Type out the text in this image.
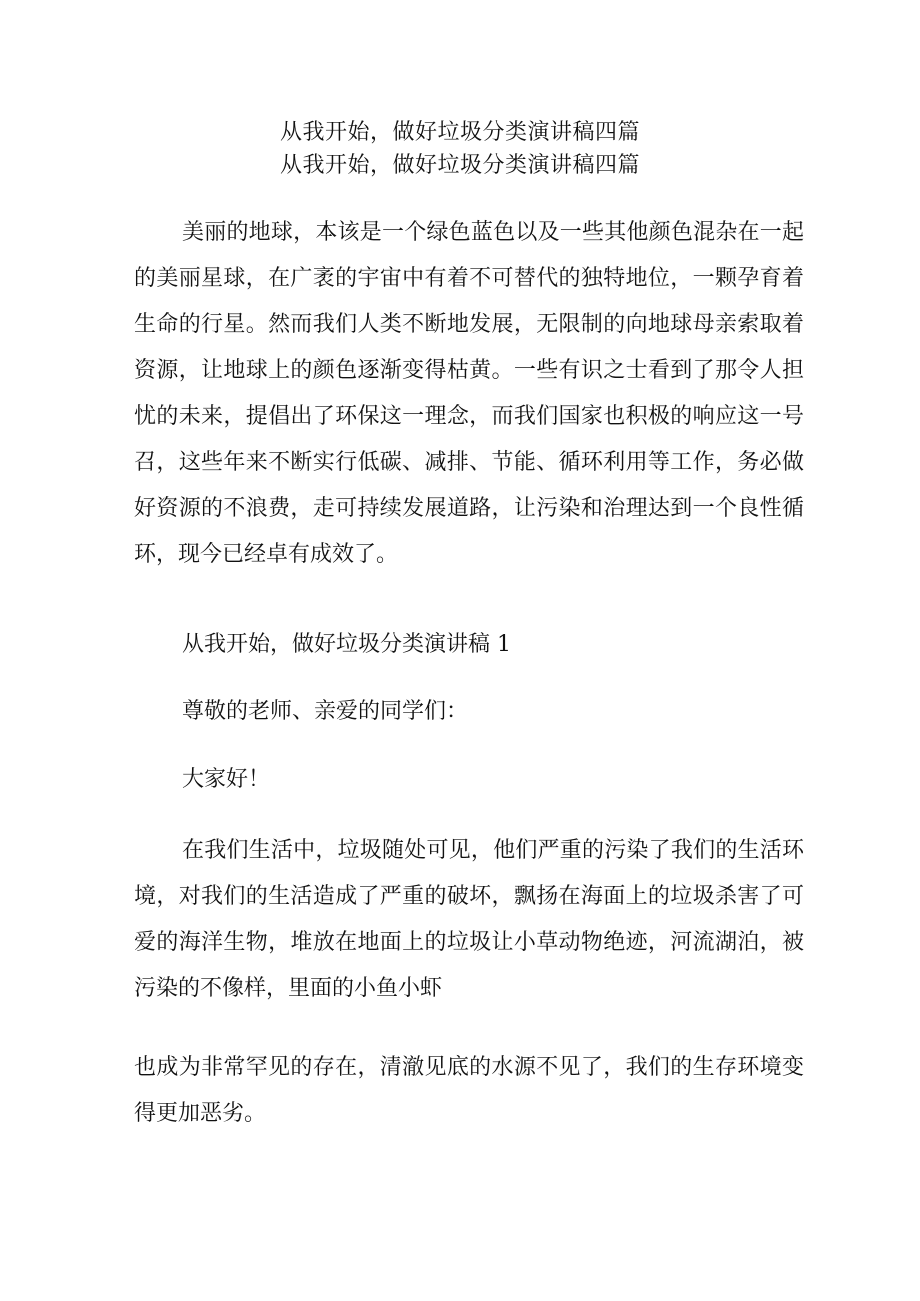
从我开始，做好垃圾分类演讲稿四篇
从我开始，做好垃圾分类演讲稿四篇

美丽的地球，本该是一个绿色蓝色以及一些其他颜色混杂在一起的美丽星球，在广袤的宇宙中有着不可替代的独特地位，一颗孕育着生命的行星。然而我们人类不断地发展，无限制的向地球母亲索取着资源，让地球上的颜色逐渐变得枯黄。一些有识之士看到了那令人担忧的未来，提倡出了环保这一理念，而我们国家也积极的响应这一号召，这些年来不断实行低碳、减排、节能、循环利用等工作，务必做好资源的不浪费，走可持续发展道路，让污染和治理达到一个良性循环，现今已经卓有成效了。

从我开始，做好垃圾分类演讲稿 1

尊敬的老师、亲爱的同学们：

大家好！

在我们生活中，垃圾随处可见，他们严重的污染了我们的生活环境，对我们的生活造成了严重的破坏，飘扬在海面上的垃圾杀害了可爱的海洋生物，堆放在地面上的垃圾让小草动物绝迹，河流湖泊，被污染的不像样，里面的小鱼小虾

也成为非常罕见的存在，清澈见底的水源不见了，我们的生存环境变得更加恶劣。
